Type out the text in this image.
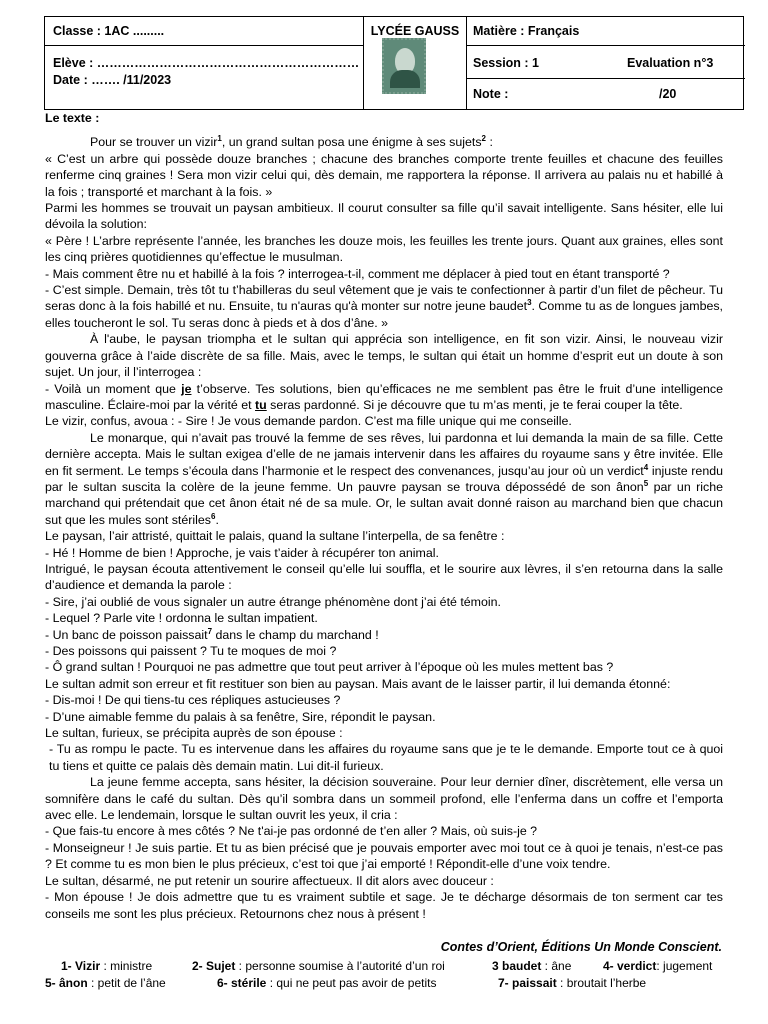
Classe : 1AC .........	LYCÉE GAUSS	Matière : Français
Elève : ………………………………………………………
Date : ……. /11/2023
Session : 1	Evaluation n°3
Note :	/20

Le texte :

Pour se trouver un vizir$^1$, un grand sultan posa une énigme à ses sujets$^2$ :

« C’est un arbre qui possède douze branches ; chacune des branches comporte trente feuilles et chacune des feuilles renferme cinq graines ! Sera mon vizir celui qui, dès demain, me rapportera la réponse. Il arrivera au palais nu et habillé à la fois ; transporté et marchant à la fois. »

Parmi les hommes se trouvait un paysan ambitieux. Il courut consulter sa fille qu’il savait intelligente. Sans hésiter, elle lui dévoila la solution:

« Père ! L’arbre représente l’année, les branches les douze mois, les feuilles les trente jours. Quant aux graines, elles sont les cinq prières quotidiennes qu’effectue le musulman.

- Mais comment être nu et habillé à la fois ? interrogea-t-il, comment me déplacer à pied tout en étant transporté ?

- C’est simple. Demain, très tôt tu t’habilleras du seul vêtement que je vais te confectionner à partir d’un filet de pêcheur. Tu seras donc à la fois habillé et nu. Ensuite, tu n'auras qu'à monter sur notre jeune baudet$^3$. Comme tu as de longues jambes, elles toucheront le sol. Tu seras donc à pieds et à dos d’âne. »

À l'aube, le paysan triompha et le sultan qui apprécia son intelligence, en fit son vizir. Ainsi, le nouveau vizir gouverna grâce à l’aide discrète de sa fille. Mais, avec le temps, le sultan qui était un homme d’esprit eut un doute à son sujet. Un jour, il l’interrogea :

- Voilà un moment que je t’observe. Tes solutions, bien qu’efficaces ne me semblent pas être le fruit d’une intelligence masculine. Éclaire-moi par la vérité et tu seras pardonné. Si je découvre que tu m’as menti, je te ferai couper la tête.

Le vizir, confus, avoua : - Sire ! Je vous demande pardon. C’est ma fille unique qui me conseille.

Le monarque, qui n’avait pas trouvé la femme de ses rêves, lui pardonna et lui demanda la main de sa fille. Cette dernière accepta. Mais le sultan exigea d’elle de ne jamais intervenir dans les affaires du royaume sans y être invitée. Elle en fit serment. Le temps s’écoula dans l’harmonie et le respect des convenances, jusqu’au jour où un verdict$^4$ injuste rendu par le sultan suscita la colère de la jeune femme. Un pauvre paysan se trouva dépossédé de son ânon$^5$ par un riche marchand qui prétendait que cet ânon était né de sa mule. Or, le sultan avait donné raison au marchand bien que chacun sut que les mules sont stériles$^6$.

Le paysan, l’air attristé, quittait le palais, quand la sultane l’interpella, de sa fenêtre :

- Hé ! Homme de bien ! Approche, je vais t’aider à récupérer ton animal.

Intrigué, le paysan écouta attentivement le conseil qu’elle lui souffla, et le sourire aux lèvres, il s’en retourna dans la salle d’audience et demanda la parole :

- Sire, j’ai oublié de vous signaler un autre étrange phénomène dont j’ai été témoin.

- Lequel ? Parle vite ! ordonna le sultan impatient.

- Un banc de poisson paissait$^7$ dans le champ du marchand !

- Des poissons qui paissent ? Tu te moques de moi ?

- Ô grand sultan ! Pourquoi ne pas admettre que tout peut arriver à l’époque où les mules mettent bas ?

Le sultan admit son erreur et fit restituer son bien au paysan. Mais avant de le laisser partir, il lui demanda étonné:

- Dis-moi ! De qui tiens-tu ces répliques astucieuses ?

- D’une aimable femme du palais à sa fenêtre, Sire, répondit le paysan.

Le sultan, furieux, se précipita auprès de son épouse :

- Tu as rompu le pacte. Tu es intervenue dans les affaires du royaume sans que je te le demande. Emporte tout ce à quoi tu tiens et quitte ce palais dès demain matin. Lui dit-il furieux.

La jeune femme accepta, sans hésiter, la décision souveraine. Pour leur dernier dîner, discrètement, elle versa un somnifère dans le café du sultan. Dès qu’il sombra dans un sommeil profond, elle l’enferma dans un coffre et l’emporta avec elle. Le lendemain, lorsque le sultan ouvrit les yeux, il cria :

- Que fais-tu encore à mes côtés ? Ne t'ai-je pas ordonné de t’en aller ? Mais, où suis-je ?

- Monseigneur ! Je suis partie. Et tu as bien précisé que je pouvais emporter avec moi tout ce à quoi je tenais, n’est-ce pas ? Et comme tu es mon bien le plus précieux, c’est toi que j’ai emporté ! Répondit-elle d’une voix tendre.

Le sultan, désarmé, ne put retenir un sourire affectueux. Il dit alors avec douceur :

- Mon épouse ! Je dois admettre que tu es vraiment subtile et sage. Je te décharge désormais de ton serment car tes conseils me sont les plus précieux. Retournons chez nous à présent !

Contes d’Orient, Éditions Un Monde Conscient.
1- Vizir : ministre	2- Sujet : personne soumise à l’autorité d’un roi	3 baudet : âne	4- verdict: jugement
5- ânon : petit de l’âne	6- stérile : qui ne peut pas avoir de petits	7- paissait : broutait l’herbe
